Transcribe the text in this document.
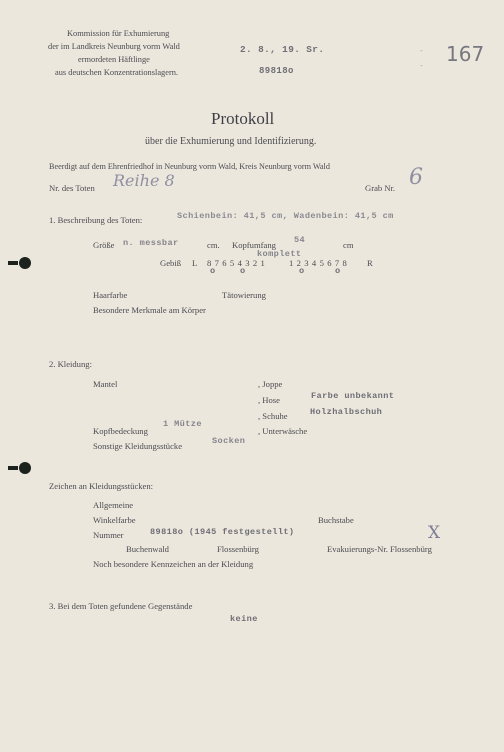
Kommission für Exhumierung
der im Landkreis Neunburg vorm Wald
ermordeten Häftlinge
aus deutschen Konzentrationslagern.
2. 8., 19. Sr.
89818o
167
-
-
Protokoll
über die Exhumierung und Identifizierung.
Beerdigt auf dem Ehrenfriedhof in Neunburg vorm Wald, Kreis Neunburg vorm Wald
Nr. des Toten Reihe 8	Grab Nr. 6
1. Beschreibung des Toten:	Schienbein: 41,5 cm, Wadenbein: 41,5 cm
Größe n. messbar	cm. Kopfumfang 54	cm
komplett
Gebiß L 8 7 6 5 4 3 2 1	1 2 3 4 5 6 7 8 R
o	o	o	o
Haarfarbe	Tätowierung
Besondere Merkmale am Körper
2. Kleidung:
Mantel	, Joppe
, Hose	Farbe unbekannt
, Schuhe	Holzhalbschuh
1 Mütze
Kopfbedeckung	, Unterwäsche
Socken
Sonstige Kleidungsstücke
Zeichen an Kleidungsstücken:
Allgemeine
Winkelfarbe	Buchstabe
Nummer	89818o (1945 festgestellt)	X
Buchenwald	Flossenbürg	Evakuierungs-Nr. Flossenbürg
Noch besondere Kennzeichen an der Kleidung
3. Bei dem Toten gefundene Gegenstände
keine
